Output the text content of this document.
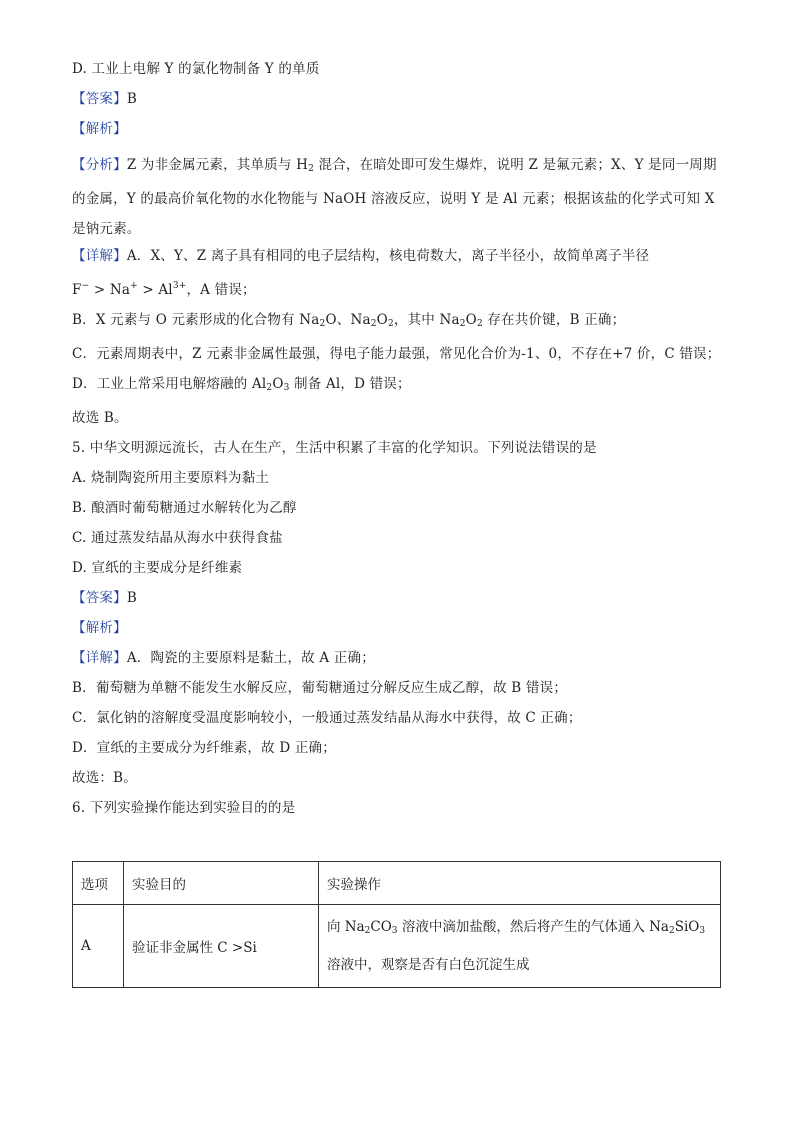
D. 工业上电解 Y 的氯化物制备 Y 的单质
【答案】B
【解析】
【分析】Z 为非金属元素，其单质与 $H_2$ 混合，在暗处即可发生爆炸，说明 Z 是氟元素；X、Y 是同一周期的金属，Y 的最高价氧化物的水化物能与 NaOH 溶液反应，说明 Y 是 Al 元素；根据该盐的化学式可知 X是钠元素。
【详解】A．X、Y、Z 离子具有相同的电子层结构，核电荷数大，离子半径小，故简单离子半径
$F^- > Na^+ > Al^{3+}$，A 错误；
B．X 元素与 O 元素形成的化合物有 $Na_2O$、$Na_2O_2$，其中 $Na_2O_2$ 存在共价键，B 正确；
C．元素周期表中，Z 元素非金属性最强，得电子能力最强，常见化合价为-1、0，不存在+7 价，C 错误；
D．工业上常采用电解熔融的 $Al_2O_3$ 制备 Al，D 错误；
故选 B。
5. 中华文明源远流长，古人在生产，生活中积累了丰富的化学知识。下列说法错误的是
A. 烧制陶瓷所用主要原料为黏土
B. 酿酒时葡萄糖通过水解转化为乙醇
C. 通过蒸发结晶从海水中获得食盐
D. 宣纸的主要成分是纤维素
【答案】B
【解析】
【详解】A．陶瓷的主要原料是黏土，故 A 正确；
B．葡萄糖为单糖不能发生水解反应，葡萄糖通过分解反应生成乙醇，故 B 错误；
C．氯化钠的溶解度受温度影响较小，一般通过蒸发结晶从海水中获得，故 C 正确；
D．宣纸的主要成分为纤维素，故 D 正确；
故选：B。
6. 下列实验操作能达到实验目的的是
选项	实验目的	实验操作
A	验证非金属性 C >Si	向 $Na_2CO_3$ 溶液中滴加盐酸，然后将产生的气体通入 $Na_2SiO_3$
溶液中，观察是否有白色沉淀生成
